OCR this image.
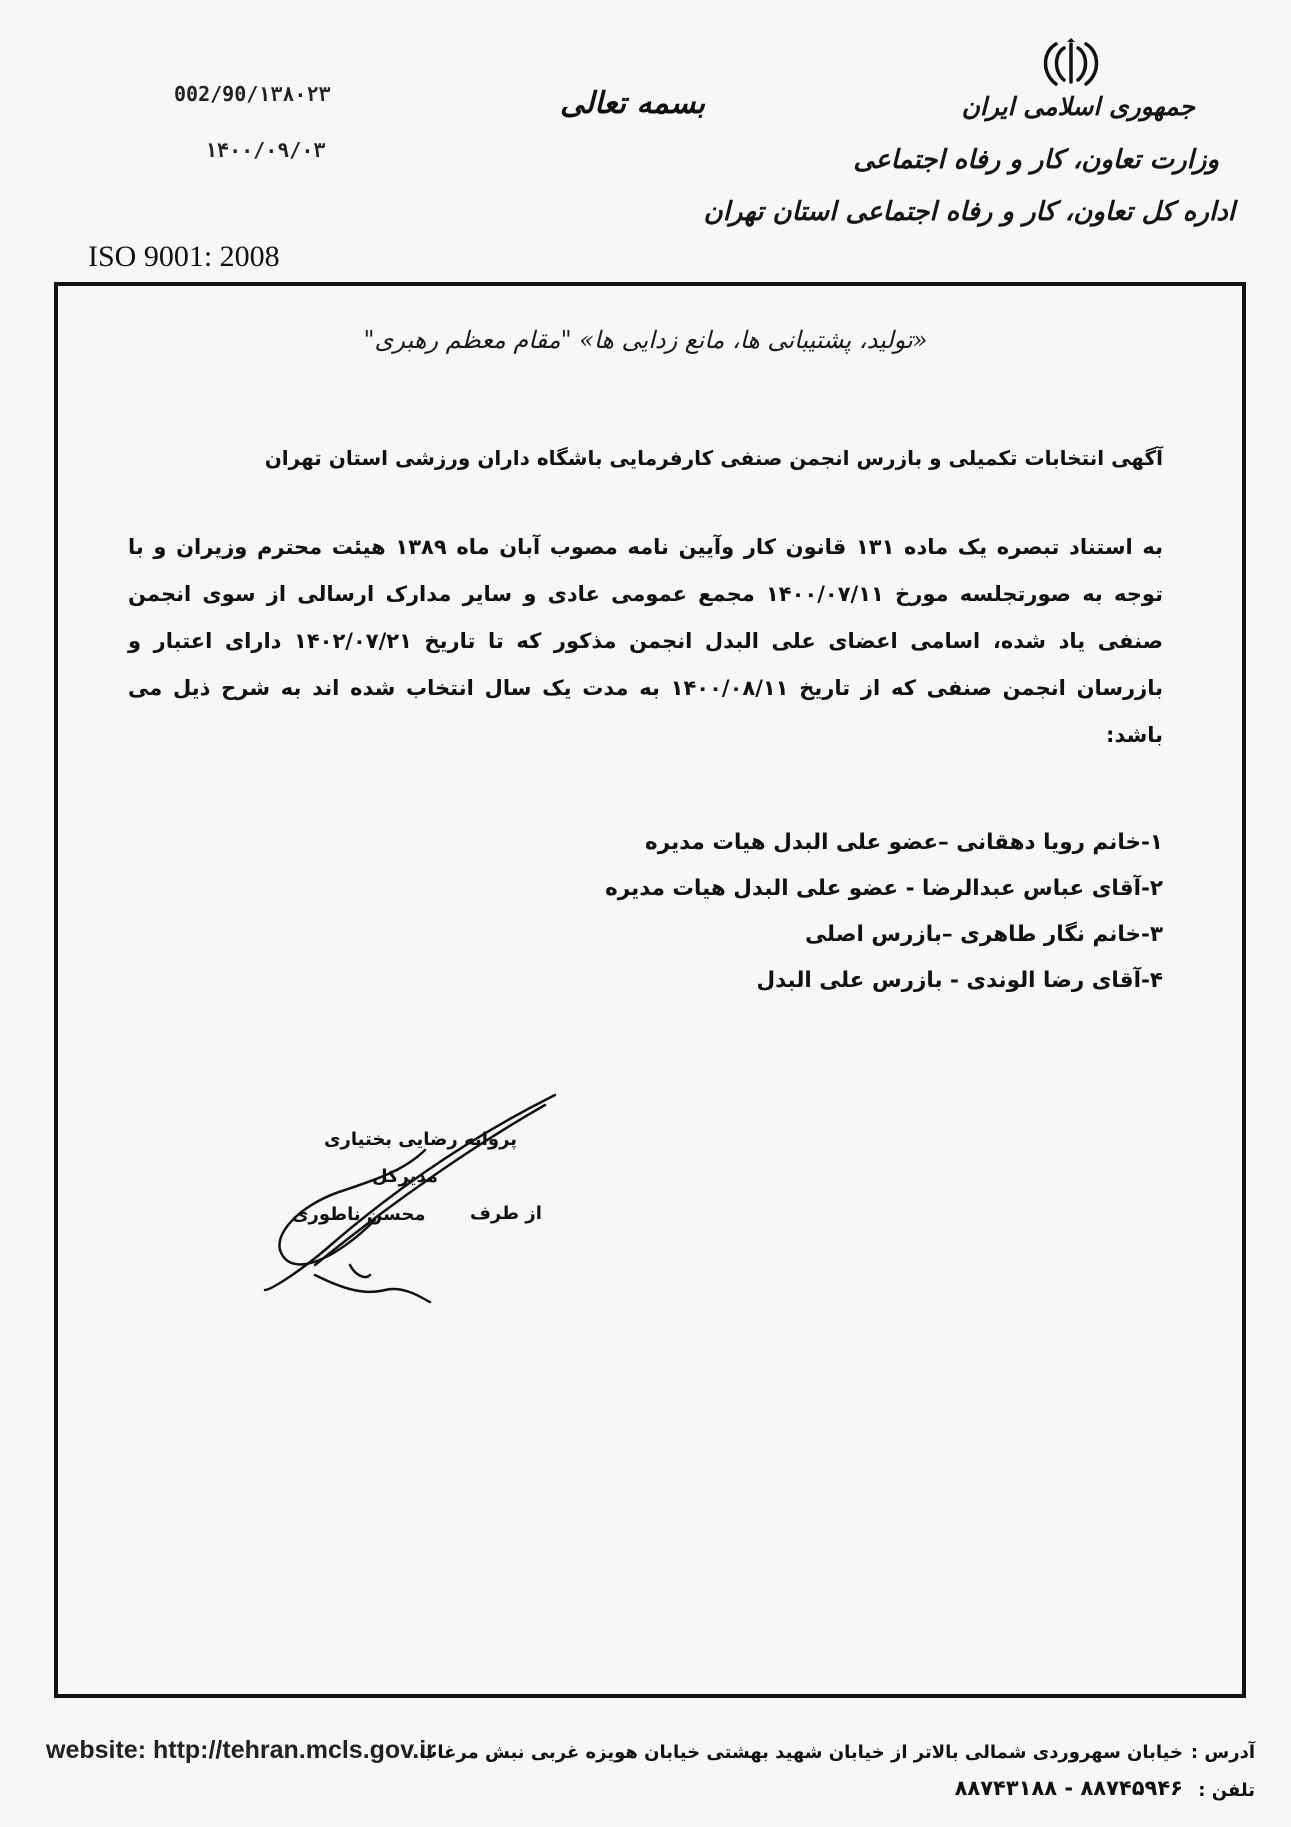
جمهوری اسلامی ایران
وزارت تعاون، کار و رفاه اجتماعی
اداره کل تعاون، کار و رفاه اجتماعی استان تهران
بسمه تعالی
002/90/۱۳۸۰۲۳
۱۴۰۰/۰۹/۰۳
ISO 9001: 2008
«تولید، پشتیبانی ها، مانع زدایی ها» "مقام معظم رهبری"
آگهی انتخابات تکمیلی و بازرس انجمن صنفی کارفرمایی باشگاه داران ورزشی استان تهران
به استناد تبصره یک ماده ۱۳۱ قانون کار وآیین نامه مصوب آبان ماه ۱۳۸۹ هیئت محترم وزیران و با توجه به صورتجلسه مورخ ۱۴۰۰/۰۷/۱۱ مجمع عمومی عادی و سایر مدارک ارسالی از سوی انجمن صنفی یاد شده، اسامی اعضای علی البدل انجمن مذکور که تا تاریخ ۱۴۰۲/۰۷/۲۱ دارای اعتبار و بازرسان انجمن صنفی که از تاریخ ۱۴۰۰/۰۸/۱۱ به مدت یک سال انتخاب شده اند به شرح ذیل می باشد:
۱-خانم رویا دهقانی –عضو علی البدل هیات مدیره
۲-آقای عباس عبدالرضا - عضو علی البدل هیات مدیره
۳-خانم نگار طاهری –بازرس اصلی
۴-آقای رضا الوندی - بازرس علی البدل
از طرف
پروانه رضایی بختیاری
مدیرکل
محسن ناطوری
website: http://tehran.mcls.gov.ir	آدرس :
خیابان سهروردی شمالی بالاتر از خیابان شهید بهشتی خیابان هویزه غربی نبش مرغاب
تلفن :
۸۸۷۴۵۹۴۶ - ۸۸۷۴۳۱۸۸
